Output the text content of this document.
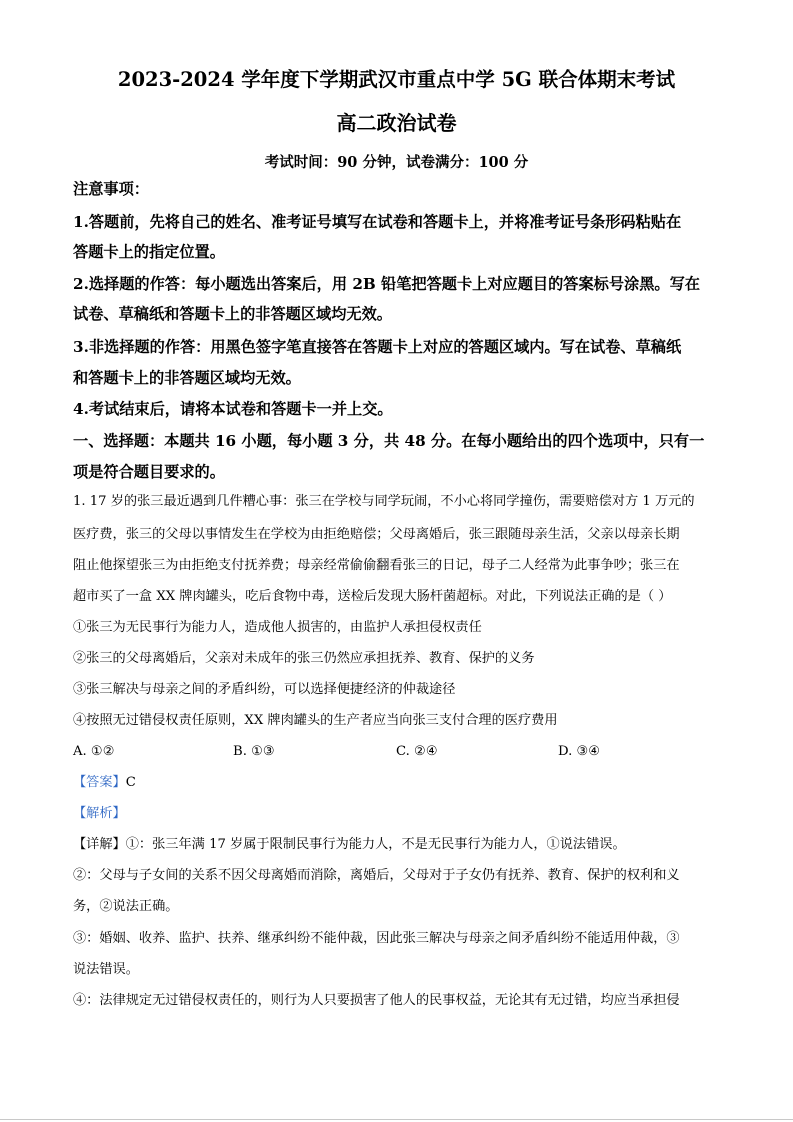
2023-2024 学年度下学期武汉市重点中学 5G 联合体期末考试
高二政治试卷
考试时间：90 分钟，试卷满分：100 分
注意事项：
1.答题前，先将自己的姓名、准考证号填写在试卷和答题卡上，并将准考证号条形码粘贴在
答题卡上的指定位置。
2.选择题的作答：每小题选出答案后，用 2B 铅笔把答题卡上对应题目的答案标号涂黑。写在
试卷、草稿纸和答题卡上的非答题区域均无效。
3.非选择题的作答：用黑色签字笔直接答在答题卡上对应的答题区域内。写在试卷、草稿纸
和答题卡上的非答题区域均无效。
4.考试结束后，请将本试卷和答题卡一并上交。
一、选择题：本题共 16 小题，每小题 3 分，共 48 分。在每小题给出的四个选项中，只有一
项是符合题目要求的。
1. 17 岁的张三最近遇到几件糟心事：张三在学校与同学玩闹，不小心将同学撞伤，需要赔偿对方 1 万元的
医疗费，张三的父母以事情发生在学校为由拒绝赔偿；父母离婚后，张三跟随母亲生活，父亲以母亲长期
阻止他探望张三为由拒绝支付抚养费；母亲经常偷偷翻看张三的日记，母子二人经常为此事争吵；张三在
超市买了一盒 XX 牌肉罐头，吃后食物中毒，送检后发现大肠杆菌超标。对此，下列说法正确的是（ ）
①张三为无民事行为能力人，造成他人损害的，由监护人承担侵权责任
②张三的父母离婚后，父亲对未成年的张三仍然应承担抚养、教育、保护的义务
③张三解决与母亲之间的矛盾纠纷，可以选择便捷经济的仲裁途径
④按照无过错侵权责任原则，XX 牌肉罐头的生产者应当向张三支付合理的医疗费用
A. ①②	B. ①③	C. ②④	D. ③④
【答案】C
【解析】
【详解】①：张三年满 17 岁属于限制民事行为能力人，不是无民事行为能力人，①说法错误。
②：父母与子女间的关系不因父母离婚而消除，离婚后，父母对于子女仍有抚养、教育、保护的权利和义
务，②说法正确。
③：婚姻、收养、监护、扶养、继承纠纷不能仲裁，因此张三解决与母亲之间矛盾纠纷不能适用仲裁，③
说法错误。
④：法律规定无过错侵权责任的，则行为人只要损害了他人的民事权益，无论其有无过错，均应当承担侵
